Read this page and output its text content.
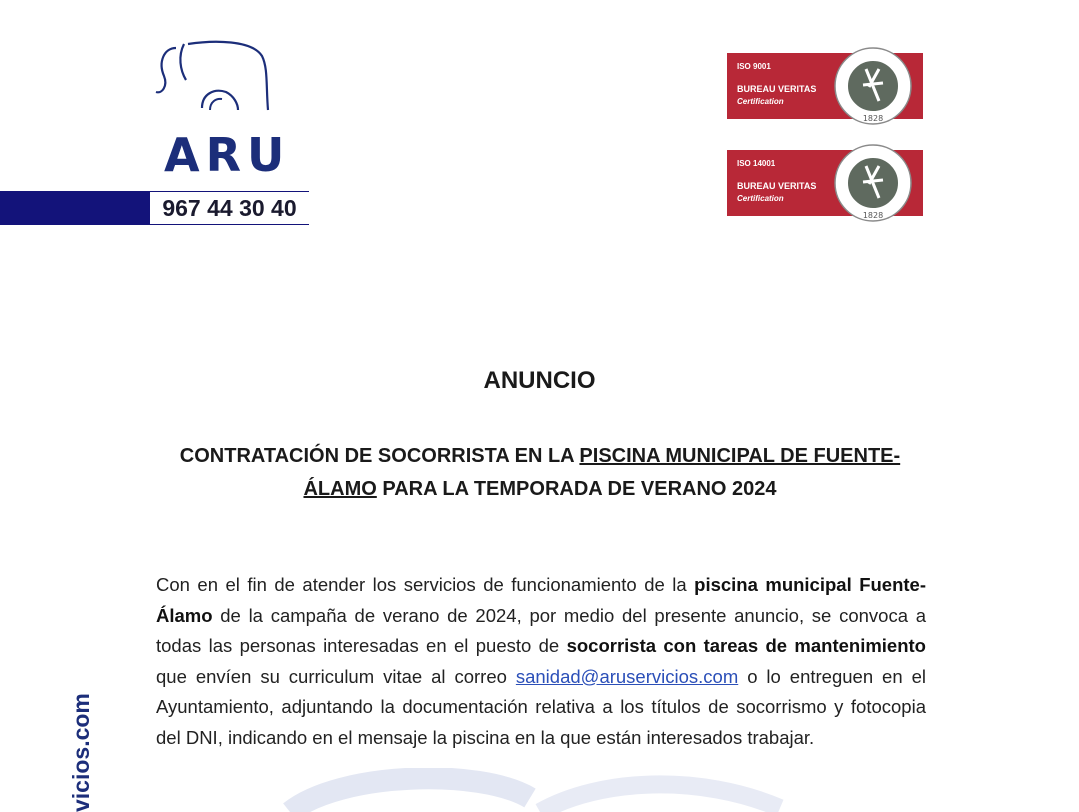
ARU
967 44 30 40
ISO 9001
BUREAU VERITAS
Certification
1828
ISO 14001
BUREAU VERITAS
Certification
1828
ANUNCIO
CONTRATACIÓN DE SOCORRISTA EN LA PISCINA MUNICIPAL DE FUENTE-
ÁLAMO PARA LA TEMPORADA DE VERANO 2024
Con en el fin de atender los servicios de funcionamiento de la piscina municipal Fuente-Álamo de la campaña de verano de 2024, por medio del presente anuncio, se convoca a todas las personas interesadas en el puesto de socorrista con tareas de mantenimiento que envíen su curriculum vitae al correo sanidad@aruservicios.com o lo entreguen en el Ayuntamiento, adjuntando la documentación relativa a los títulos de socorrismo y fotocopia del DNI, indicando en el mensaje la piscina en la que están interesados trabajar.
vicios.com
